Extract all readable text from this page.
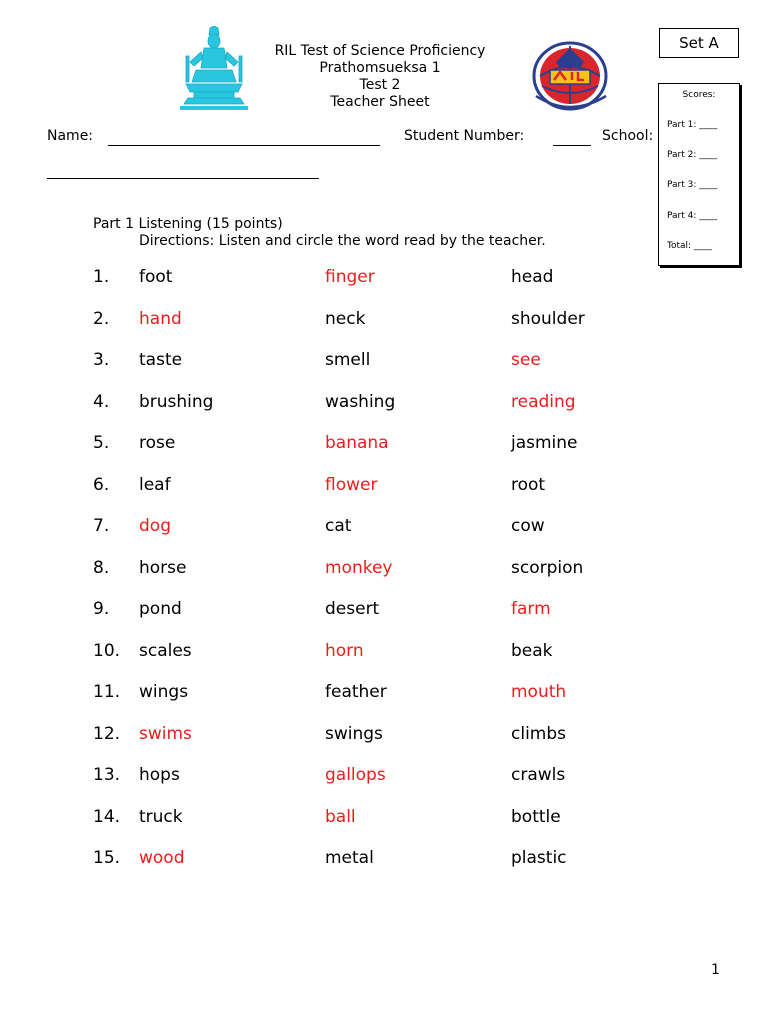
RIL Test of Science Proficiency
Prathomsueksa 1
Test 2
Teacher Sheet
Set A
Scores:
Part 1: ____
Part 2: ____
Part 3: ____
Part 4: ____
Total: ____
Name:	Student Number:	School:
Part 1 Listening (15 points)
Directions: Listen and circle the word read by the teacher.
1. foot	finger	head
2. hand	neck	shoulder
3. taste	smell	see
4. brushing	washing	reading
5. rose	banana	jasmine
6. leaf	flower	root
7. dog	cat	cow
8. horse	monkey	scorpion
9. pond	desert	farm
10. scales	horn	beak
11. wings	feather	mouth
12. swims	swings	climbs
13. hops	gallops	crawls
14. truck	ball	bottle
15. wood	metal	plastic
1
